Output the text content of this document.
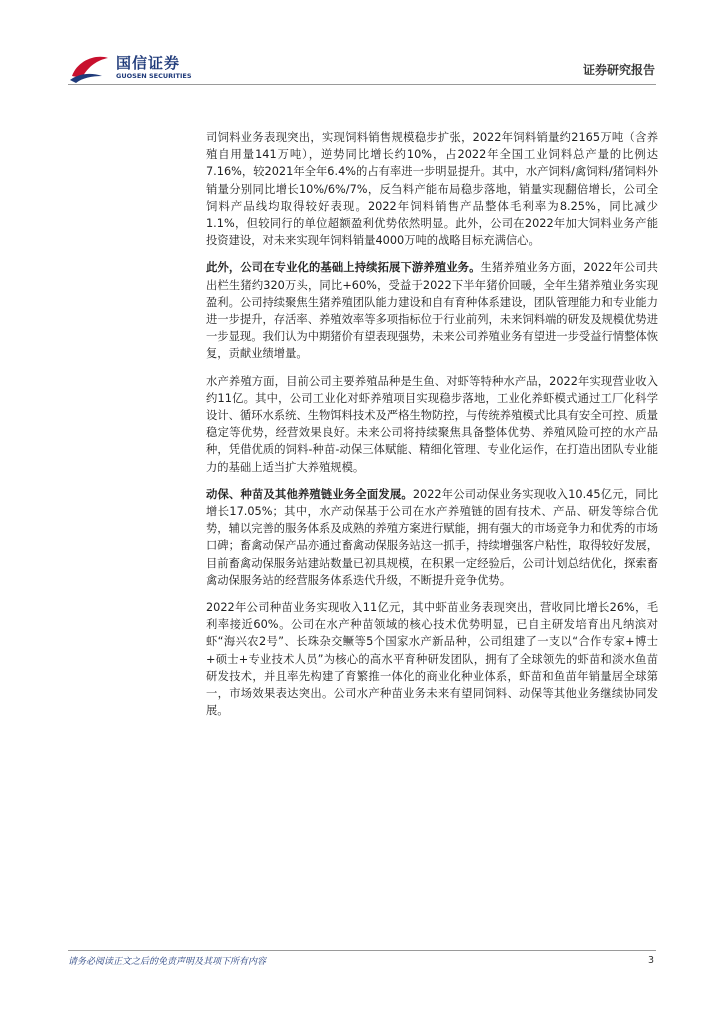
国信证券
GUOSEN SECURITIES	证券研究报告

司饲料业务表现突出，实现饲料销售规模稳步扩张，2022年饲料销量约2165万吨（含养殖自用量141万吨），逆势同比增长约10%，占2022年全国工业饲料总产量的比例达7.16%，较2021年全年6.4%的占有率进一步明显提升。其中，水产饲料/禽饲料/猪饲料外销量分别同比增长10%/6%/7%，反刍料产能布局稳步落地，销量实现翻倍增长，公司全饲料产品线均取得较好表现。2022年饲料销售产品整体毛利率为8.25%，同比减少1.1%，但较同行的单位超额盈利优势依然明显。此外，公司在2022年加大饲料业务产能投资建设，对未来实现年饲料销量4000万吨的战略目标充满信心。

此外，公司在专业化的基础上持续拓展下游养殖业务。生猪养殖业务方面，2022年公司共出栏生猪约320万头，同比+60%，受益于2022下半年猪价回暖，全年生猪养殖业务实现盈利。公司持续聚焦生猪养殖团队能力建设和自有育种体系建设，团队管理能力和专业能力进一步提升，存活率、养殖效率等多项指标位于行业前列，未来饲料端的研发及规模优势进一步显现。我们认为中期猪价有望表现强势，未来公司养殖业务有望进一步受益行情整体恢复，贡献业绩增量。

水产养殖方面，目前公司主要养殖品种是生鱼、对虾等特种水产品，2022年实现营业收入约11亿。其中，公司工业化对虾养殖项目实现稳步落地，工业化养虾模式通过工厂化科学设计、循环水系统、生物饵料技术及严格生物防控，与传统养殖模式比具有安全可控、质量稳定等优势，经营效果良好。未来公司将持续聚焦具备整体优势、养殖风险可控的水产品种，凭借优质的饲料-种苗-动保三体赋能、精细化管理、专业化运作，在打造出团队专业能力的基础上适当扩大养殖规模。

动保、种苗及其他养殖链业务全面发展。2022年公司动保业务实现收入10.45亿元，同比增长17.05%；其中，水产动保基于公司在水产养殖链的固有技术、产品、研发等综合优势，辅以完善的服务体系及成熟的养殖方案进行赋能，拥有强大的市场竞争力和优秀的市场口碑；畜禽动保产品亦通过畜禽动保服务站这一抓手，持续增强客户粘性，取得较好发展，目前畜禽动保服务站建站数量已初具规模，在积累一定经验后，公司计划总结优化，探索畜禽动保服务站的经营服务体系迭代升级，不断提升竞争优势。

2022年公司种苗业务实现收入11亿元，其中虾苗业务表现突出，营收同比增长26%，毛利率接近60%。公司在水产种苗领域的核心技术优势明显，已自主研发培育出凡纳滨对虾“海兴农2号”、长珠杂交鳜等5个国家水产新品种，公司组建了一支以“合作专家+博士+硕士+专业技术人员”为核心的高水平育种研发团队，拥有了全球领先的虾苗和淡水鱼苗研发技术，并且率先构建了育繁推一体化的商业化种业体系，虾苗和鱼苗年销量居全球第一，市场效果表达突出。公司水产种苗业务未来有望同饲料、动保等其他业务继续协同发展。

请务必阅读正文之后的免责声明及其项下所有内容	3
